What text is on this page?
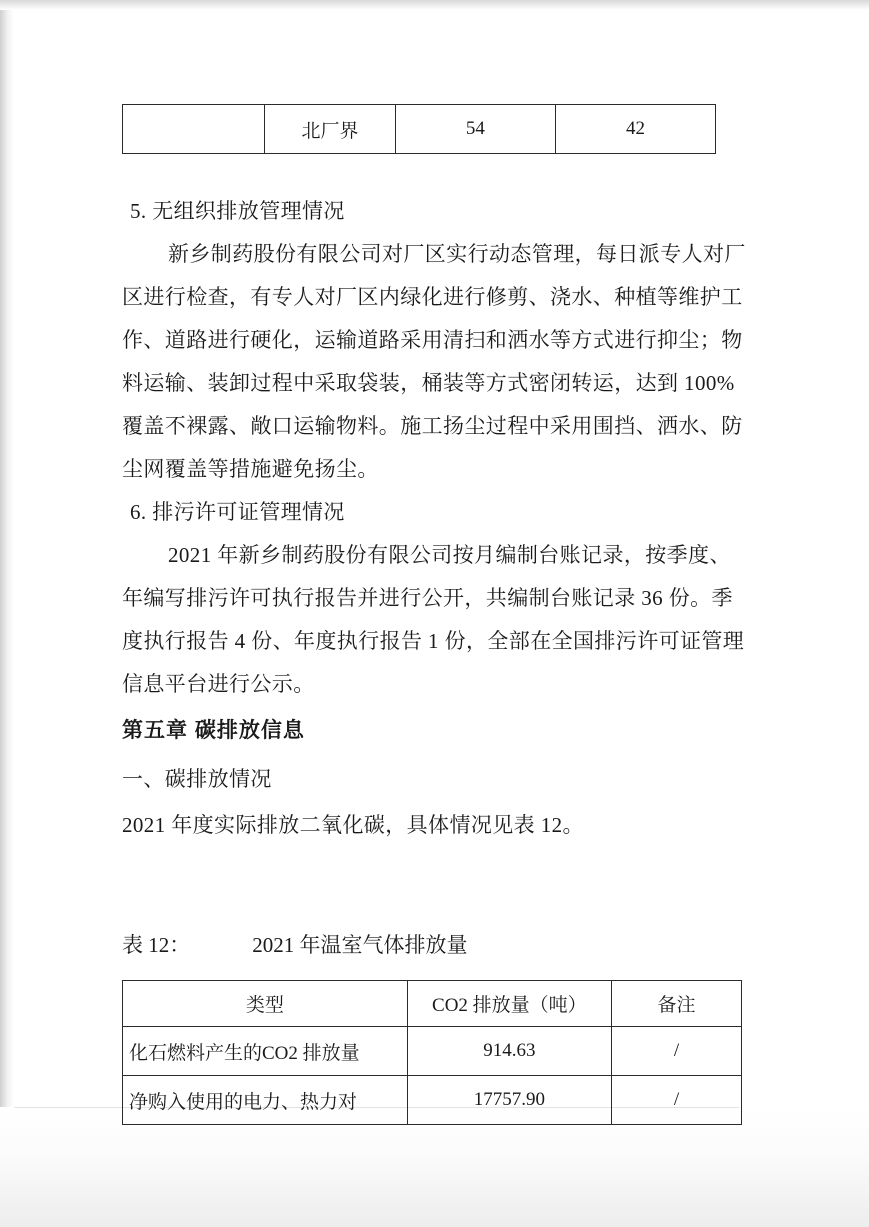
	北厂界	54	42

5. 无组织排放管理情况

新乡制药股份有限公司对厂区实行动态管理，每日派专人对厂区进行检查，有专人对厂区内绿化进行修剪、浇水、种植等维护工作、道路进行硬化，运输道路采用清扫和洒水等方式进行抑尘；物料运输、装卸过程中采取袋装，桶装等方式密闭转运，达到 100%覆盖不裸露、敞口运输物料。施工扬尘过程中采用围挡、洒水、防尘网覆盖等措施避免扬尘。

6. 排污许可证管理情况

2021 年新乡制药股份有限公司按月编制台账记录，按季度、年编写排污许可执行报告并进行公开，共编制台账记录 36 份。季度执行报告 4 份、年度执行报告 1 份，全部在全国排污许可证管理信息平台进行公示。

第五章 碳排放信息

一、碳排放情况

2021 年度实际排放二氧化碳，具体情况见表 12。

表 12：	2021 年温室气体排放量
类型	CO2 排放量（吨）	备注
化石燃料产生的CO2 排放量	914.63	/
净购入使用的电力、热力对	17757.90	/
